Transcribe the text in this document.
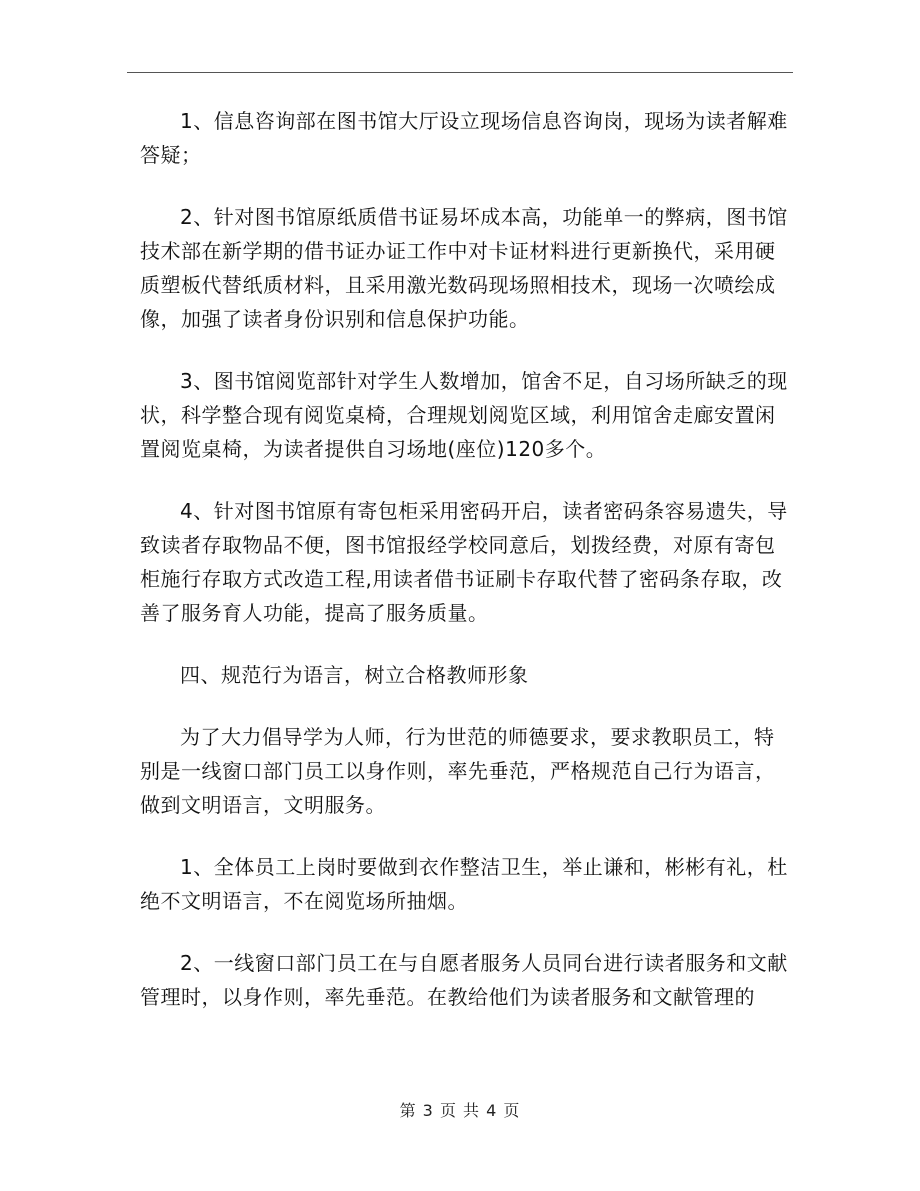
1、信息咨询部在图书馆大厅设立现场信息咨询岗，现场为读者解难答疑；

2、针对图书馆原纸质借书证易坏成本高，功能单一的弊病，图书馆技术部在新学期的借书证办证工作中对卡证材料进行更新换代，采用硬质塑板代替纸质材料，且采用激光数码现场照相技术，现场一次喷绘成像，加强了读者身份识别和信息保护功能。

3、图书馆阅览部针对学生人数增加，馆舍不足，自习场所缺乏的现状，科学整合现有阅览桌椅，合理规划阅览区域，利用馆舍走廊安置闲置阅览桌椅，为读者提供自习场地(座位)120多个。

4、针对图书馆原有寄包柜采用密码开启，读者密码条容易遗失，导致读者存取物品不便，图书馆报经学校同意后，划拨经费，对原有寄包柜施行存取方式改造工程,用读者借书证刷卡存取代替了密码条存取，改善了服务育人功能，提高了服务质量。

四、规范行为语言，树立合格教师形象

为了大力倡导学为人师，行为世范的师德要求，要求教职员工，特别是一线窗口部门员工以身作则，率先垂范，严格规范自己行为语言，做到文明语言，文明服务。

1、全体员工上岗时要做到衣作整洁卫生，举止谦和，彬彬有礼，杜绝不文明语言，不在阅览场所抽烟。

2、一线窗口部门员工在与自愿者服务人员同台进行读者服务和文献管理时，以身作则，率先垂范。在教给他们为读者服务和文献管理的

第 3 页 共 4 页
